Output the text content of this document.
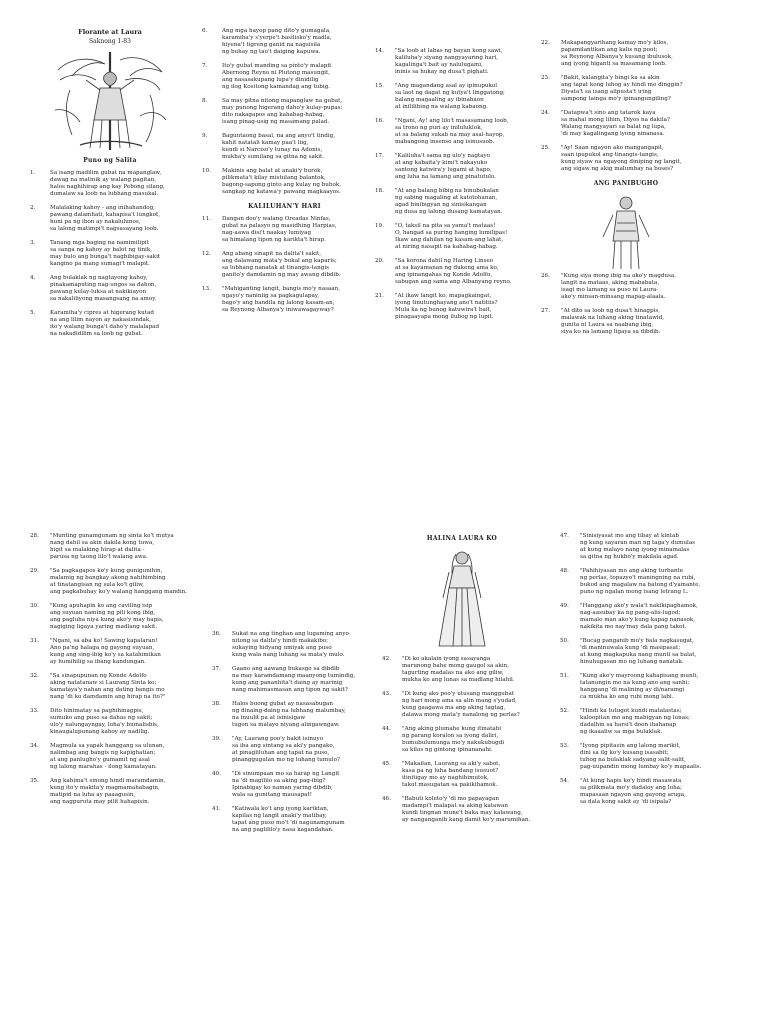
Florante at Laura
Saknong 1-83
Puno ng Salita
1.	Sa isang madilim gubat na mapanglaw,
dawag na matinik ay walang pagitan,
halos naghihirap ang kay Pebong silang,
dumalaw sa loob na lubhang masukal.
2.	Malalaking kahoy - ang inihahandog,
pawang dalamhati, kahapisa't lungkot,
huni pa ng ibon ay nakalulunos,
sa lalong matimpi't nagsasayang loob.
3.	Tanang mga baging na namimilipit
sa sanga ng kahoy ay balot ng tinik,
may bulo ang bunga't nagbibigay-sakit
kangino pa mang sumagi't malapit.
4.	Ang bulaklak ng nagtayong kahoy,
pinakamaputing nag-ungos sa dahon,
pawang kulay-luksa at nakikiayon
sa nakaliliyong masangsang na amoy.
5.	Karamiha'y cipres at higerang kutad
na ang lilim nayon ay nakasisindak,
ito'y walang bunga't daho'y malalapad
na nakadidilim sa loob ng gubat.
6.	Ang mga hayop pang dito'y gumagala,
karamiha'y s'yerpe't basilisko'y madla,
hiyena't tigreng ganid na nagsisila
ng buhay ng tao't daiging kapuwa.
7.	Ito'y gubat manding sa pinto'y malapit
Abernong Reyno ni Plutong masungit,
ang nasasakupang lupa'y dinidilig
ng ilog Kositong kamandag ang tubig.
8.	Sa may gitna nitong mapanglaw na gubat,
may punong higerang daho'y kulay-pupas;
dito nakagapos ang kahabag-habag,
isang pinag-usig ng masamang palad.
9.	Baguntaong basal, na ang anyo't tindig,
kahit natatali kamay paa't liig,
kundi si Narciso'y tunay na Adonis,
mukha'y sumilang sa gitna ng sakit.
10.	Makinis ang balat at anaki'y burok,
pilikmata't kilay mistulang balantok,
bagong-sapong ginto ang kulay ng buhok,
sangkap ng katawa'y pawang magkaayos.
KALILUHAN'Y HARI
11.	Dangan doo'y walang Oreadas Ninfas,
gubat na palasyo ng masidhing Harpias,
nag-aawa disi't naakay lumiyag
sa himalang tipon ng karikta't hirap.
12.	Ang abang sinapit na dalita't sakit,
ang dalawang mata'y bukal ang kaparis;
sa lubhang nanatak at tinangis-tangis
ganito'y damdamin ng may awang dibdib.
13.	"Mahiganting langit, bangis mo'y nasaan,
ngayo'y naniniig sa pagkagulapay,
bago'y ang bandila ng lalong kasam-an,
sa Reynong Albanya'y iniwawagayway?
14.	"Sa loob at labas ng bayan kong sawi,
kaliluha'y siyang nangyayaring hari,
kagalinga't bait ay nalulugami,
ininis sa hukay ng dusa't pighati.
15.	"Ang magandang asal ay ipinupukol
sa laot ng dagat ng kutya't linggatong;
balang magaaling ay ibinabaon
at inililibing na walang kabaong.
16.	"Ngani, Ay! ang lilo't masasamang loob,
sa trono ng puri ay iniluluklok,
at sa balang sukab na may asal-hayop,
mabangong insenso ang isinusuob.
17.	"Kaliluha't sama ng ulo'y nagtayo
at ang kabaita'y kimi't nakayuko
santong katwira'y lugami at hapo,
ang luha na lamang ang pinatutulo.
18.	"At ang balang bibig na binubukalan
ng sabing magaling at katotohanan,
agad binibigyan ng sinisikangan
ng dusa ng lalong dusang kamatayan.
19.	"O, taksil na pita sa yama't mataas!
O, hangad sa puring hanging lumilipas!
Ikaw ang dahilan ng kasam-ang lahat,
at niring nasapit na kahabag-habag.
20.	"Sa korona dahil ng Haring Linseo
at sa kayamanan ng dukeng ama ko,
ang ipinangahas ng Konde Adolfo,
sabugan ang sama ang Albanyang reyno.
21.	"At ikaw langit ko, mapagkaingat,
iyong tinutunghayang ano't natitiis?
Mula ka ng bunog katuwira't bait,
pinagaayapa mong ilubog ng lupit.
22.	Makapangyarihang kamay mo'y kilos,
papamilantikan ang kalis ng poot;
sa Reynong Albanya'y kusang ibulusok,
ang iyong higanti sa masamang loob.
23.	"Bakit, kalangita'y bingi ka sa akin
ang tapat kong luhog ay hindi mo dinggin?
Diyata't sa isang alipusta't iring
sampong tainga mo'y ipinangungiling?
24.	"Datapwa't sino ang tatarok kaya
sa mahal mong lihim, Diyos na dakila?
Walang mangyayari sa balat ng lupa,
'di may kagalingang iyong ninanasa.
25.	"Ay! Saan ngayon ako mangangapit,
saan ipupukol ang tinangis-tangis,
kung siyaw na ngayong diniping ng langit,
ang sigaw ng akig malumbay na boses?
ANG PANIBUGHO
26.	"Kung siya mong ibig na ako'y magdusa,
langit na mataas, aking mababata,
isagi mo lamang sa puso ni Laura-
ako'y minsan-minsang mapag-alaala.
27.	"At dito sa loob ng dusa't hinagpis,
malawak na luhang aking tinatawid,
gunita ni Laura sa naabang ibig,
siya ko na lamang ligaya sa dibdib.
28.	"Munting gunamgunam ng sinta ko't mutya
nang dahil sa akin dakila kong tuwa,
higit sa malaking hirap at dalita -
parusa ng taong lilo't walang awa.
29.	"Sa pagkagapos ko'y kung gunigunihin,
malamig ng bangkay akong nahihimbing
at tinatangisan ng sula ko't giliw,
ang pagkabuhay ko'y walang hanggang mandin.
30.	"Kung apuhapin ko ang caviling isip
ang suyuan naming ng pili kong ibig,
ang pagluha niya kung ako'y may hapis,
nagiging ligaya yaring madlang sakit.
31.	"Ngani, sa aba ko! Sawing kapalaran!
Ano pa'ng halaga ng gayong suyuan,
kung ang sing-ibig ko'y sa katahimikan
ay humihilig sa ibang kandungan.
32.	"Sa sinapupunan ng Konde Adolfo
aking natatanaw si Laurang Sinta ko;
kamataya'y nahan ang dating bangis mo
nang 'di ko damdamin ang hirap na ito?"
33.	Dito hinimatay sa paghihinagpis,
sumuko ang puso sa dahas ng sakit;
ulo'y nalungayngay, luha'y bumalisbis,
kinaugalupunang kahoy ay nadilig.
34.	Magmula sa yapak hanggang sa ulunan,
nalimbag ang bangis ng kapighatian;
at ang panlugho'y gumamit ng asal
ng lalong marahas - ilong kamatayan.
35.	Ang kahima't sinong hindi maramdamin,
kung ito'y makita'y magmamahabagin,
matipid na luha ay paaagusin,
ang nagpuruta may pilit hahapisin.
36.	Sukat na ang tinghan ang lugaming anyo
nitong sa dalita'y hindi makakibo;
sukaying hidyang umiyak ang puso
kung wala nang luhang sa mata'y mulo.
37.	Gaano ang aawang bukasgo sa dibdib
na may karamdamang maanyong tumindig,
kung ang pananhita't daing ay marinig
nang mahimasmasan ang tipon ng sakit?
38.	Halos buong gubat ay nasasabugan
ng dinaing-daing na lubhang malumbay,
na inuulit pa at isinisigaw
tugon sa malayo niyang alingawngaw.
39.	"Ay, Laurang poo'y bakit isinuyo
sa iba ang sintang sa aki'y pangako,
at pinagliluhan ang tapat na puso,
pinanggugulan mo ng luhang tumulo?
40.	"Di sinumpaan mo sa harap ng Langit
na 'di magiliio sa aking pag-ibig?
Ipinabigay ko naman yaring dibdib,
wala sa gunitang mausapat!
41.	"Katiwala ko't ang iyong kariktan,
kapilas ng langit anaki'y matibay,
tapat ang puso mo't 'di nagunamgunam
na ang paglililo'y nasa kagandahan.
HALINA LAURA KO
42.	"Di ko akalain iyong sasayanga
marunong bahe mong gaugol sa akin,
tagurting madalas na ako ang giliw,
mukha ko ang lunas sa madlang hilahil.
43.	"Di kung ako poo'y utusang manggubat
ng hari mong ama sa alin mang s'yudad,
kung gaagawa ma ang aking tagtag,
dalawa mong mata'y nanalong ng perlas?
44.	"Ang aking plumahe kung itinatahi
ng parang koralon sa iyong daliri,
bumubulumunga mo'y nakukubugdi
sa kilos ng gintong ipinananahi.
45.	"Makailan, Laurang sa aki'y sabot,
kasa pa ng luha bandang isusuot?
itinitigay mo ay naghihimutok,
takot masugatan sa pakikihamok.
46.	"Babuti koleto'y 'di mo papayagan
madampi't malapat sa aking katawan
kundi tingnan mune't baka may kalawang,
ay nanganganib kang damit ko'y marumihan.
47.	"Sinisiyasat mo ang tibay at kintab
ng kung sayaran man ng taga'y dumulas
at kung malayo nang iyong minamalas
sa gitna ng hukbo'y makilala agad.
48.	"Pahihiyasan mo ang aking turbante
ng perlas, topazyo't maningning na rubi,
bukod ang magalaw na batong d'yamante,
puno ng ngalan mong isang letrang L.
49.	"Hanggang ako'y wala't nakikipaghamok,
nag-aasubay ka ng pang-alis-lugod;
mamalo man ako'y kung kapag nanasok,
nakikita mo nay'may dala pang takot.
50.	"Bucag panganib mo'y bala nagkasugat,
'di maninuwala kung 'di masipasat;
at kung magkapuka nang munti sa balat,
hinuhugasan mo ng luhang nanatak.
51.	"Kung ako'y mayroong kahapisang munti,
tatanungin mo na kung ano ang sanhi;
hanggang 'di malining ay di/naramgi
ca mukha ko ang rubi mong labi.
52.	"Hindi ka tutugot kundi matalastas;
kaloopitan mo ang mabigyan ng lunas;
dadalhin sa harsi't doon ihahanap
ng ikaaaliw sa mga bulaklak.
53.	"Iyong pipitasin ang lalong marikit,
dini sa ilg ko'y kusang isasabit;
tuhog na bulaklak sadyang salit-salit,
pag-uupandin mong lumbay ko'y mapaalis.
54.	"At kung hapis ko'y hindi masawata
sa pilikmata mo'y dadaloy ang luha;
mapasaan ngayon ang gayong aruga,
sa dala kong sakit ay 'di isipala?
